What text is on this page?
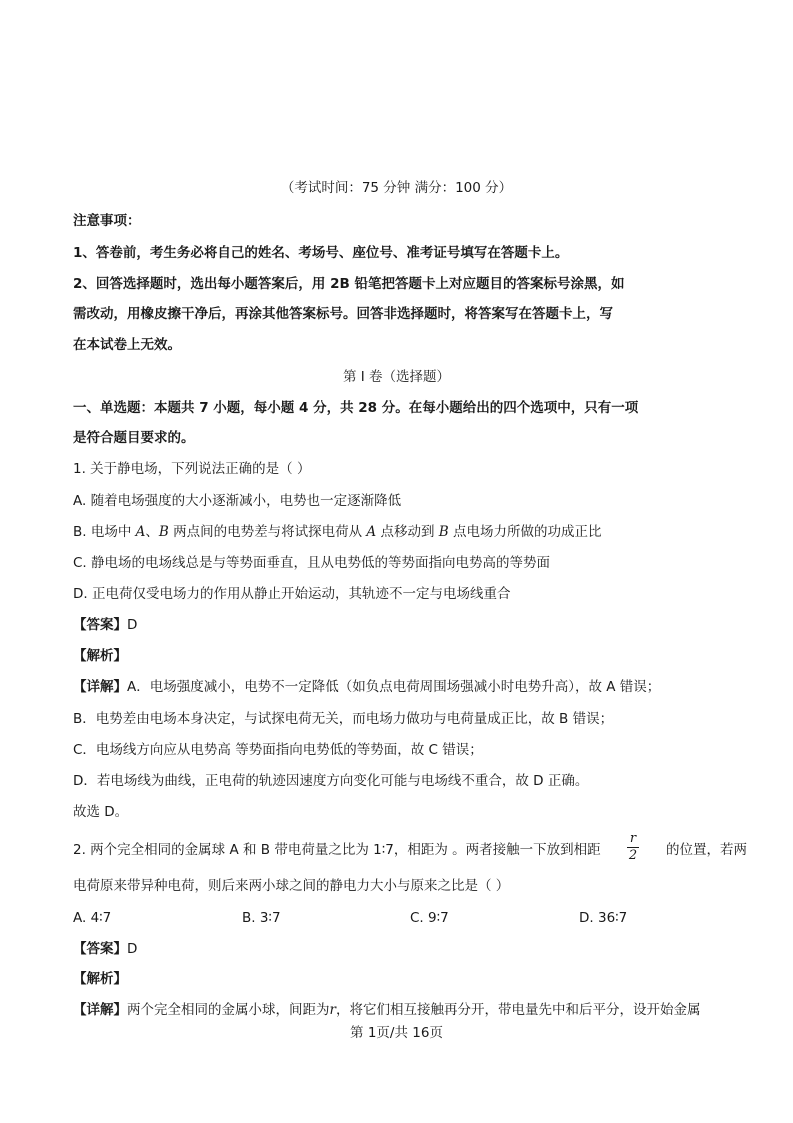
（考试时间：75 分钟 满分：100 分）
注意事项：
1、答卷前，考生务必将自己的姓名、考场号、座位号、准考证号填写在答题卡上。
2、回答选择题时，选出每小题答案后，用 2B 铅笔把答题卡上对应题目的答案标号涂黑，如
需改动，用橡皮擦干净后，再涂其他答案标号。回答非选择题时，将答案写在答题卡上，写
在本试卷上无效。
第 I 卷（选择题）
一、单选题：本题共 7 小题，每小题 4 分，共 28 分。在每小题给出的四个选项中，只有一项
是符合题目要求的。
1. 关于静电场，下列说法正确的是（ ）
A. 随着电场强度的大小逐渐减小，电势也一定逐渐降低
B. 电场中 A、B 两点间的电势差与将试探电荷从 A 点移动到 B 点电场力所做的功成正比
C. 静电场的电场线总是与等势面垂直，且从电势低的等势面指向电势高的等势面
D. 正电荷仅受电场力的作用从静止开始运动，其轨迹不一定与电场线重合
【答案】D
【解析】
【详解】A．电场强度减小，电势不一定降低（如负点电荷周围场强减小时电势升高），故 A 错误；
B．电势差由电场本身决定，与试探电荷无关，而电场力做功与电荷量成正比，故 B 错误；
C．电场线方向应从电势高 等势面指向电势低的等势面，故 C 错误；
D．若电场线为曲线，正电荷的轨迹因速度方向变化可能与电场线不重合，故 D 正确。
故选 D。
2. 两个完全相同的金属球 A 和 B 带电荷量之比为 1∶7，相距为 。两者接触一下放到相距
r
2 的位置，若两
电荷原来带异种电荷，则后来两小球之间的静电力大小与原来之比是（ ）
A. 4∶7	B. 3∶7	C. 9∶7	D. 36∶7
【答案】D
【解析】
【详解】两个完全相同的金属小球，间距为r，将它们相互接触再分开，带电量先中和后平分，设开始金属
第 1页/共 16页
